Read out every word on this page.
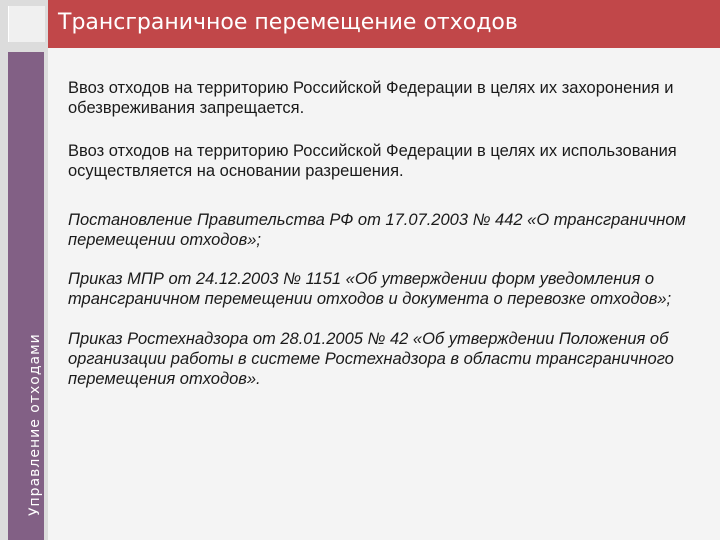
Трансграничное перемещение отходов
Управление отходами

Ввоз отходов на территорию Российской Федерации в целях их захоронения и обезвреживания запрещается.

Ввоз отходов на территорию Российской Федерации в целях их использования осуществляется на основании разрешения.

Постановление Правительства РФ от 17.07.2003 № 442 «О трансграничном перемещении отходов»;

Приказ МПР от 24.12.2003 № 1151 «Об утверждении форм уведомления о трансграничном перемещении отходов и документа о перевозке отходов»;

Приказ Ростехнадзора от 28.01.2005 № 42 «Об утверждении Положения об организации работы в системе Ростехнадзора в области трансграничного перемещения отходов».
